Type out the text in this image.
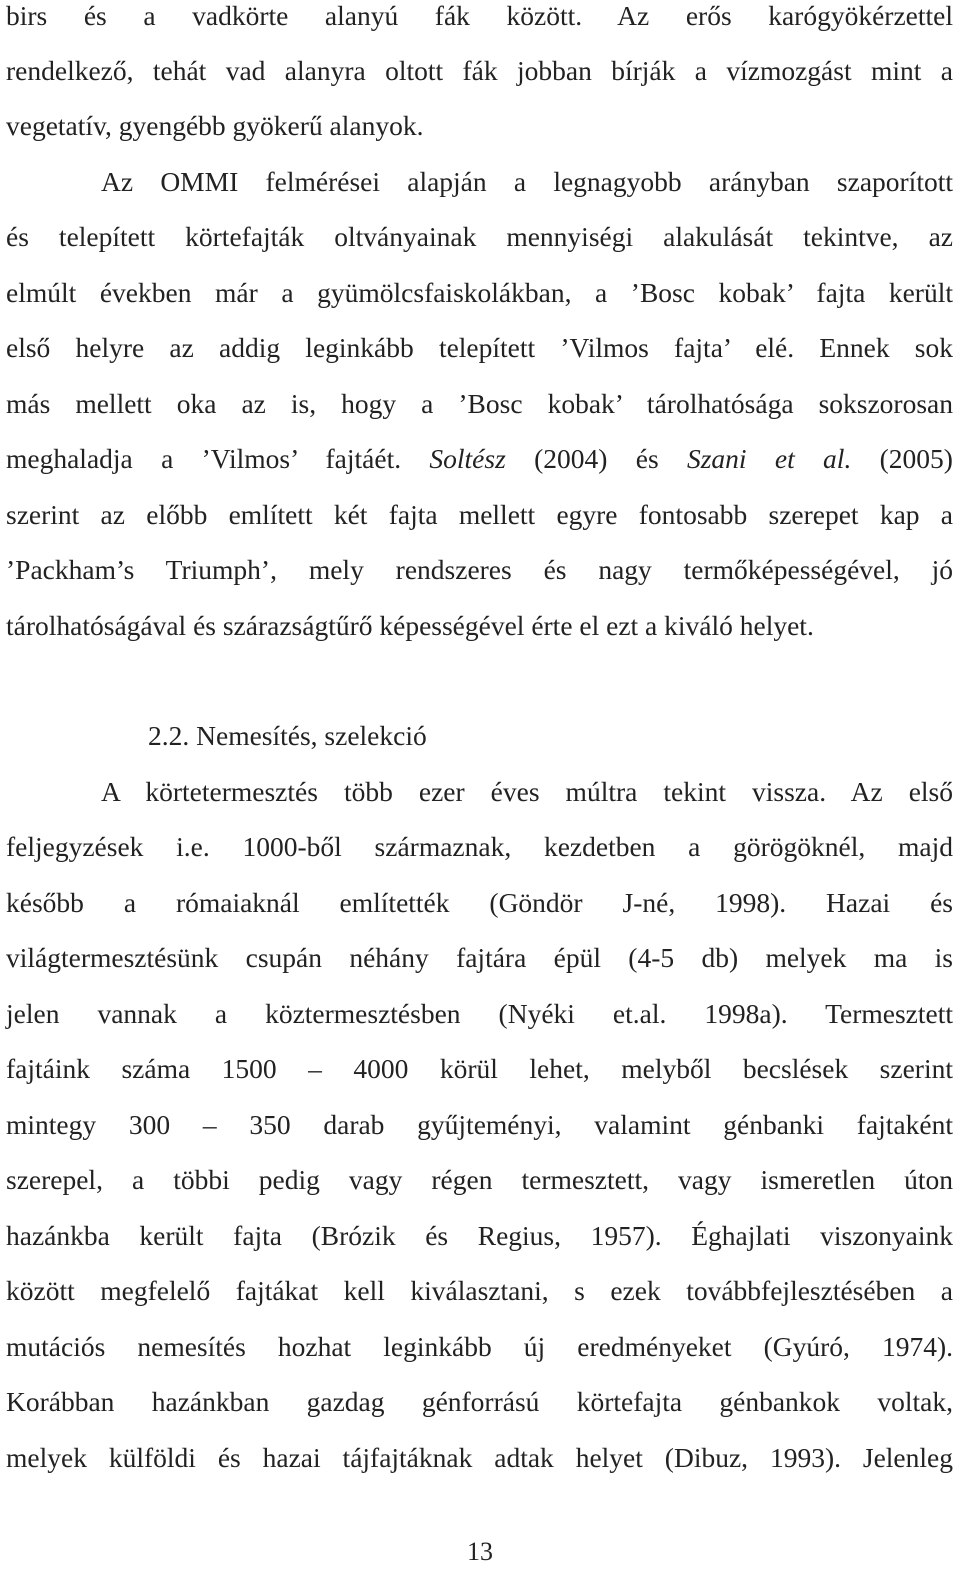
birs és a vadkörte alanyú fák között. Az erős karógyökérzettel
rendelkező, tehát vad alanyra oltott fák jobban bírják a vízmozgást mint a
vegetatív, gyengébb gyökerű alanyok.
Az OMMI felmérései alapján a legnagyobb arányban szaporított
és telepített körtefajták oltványainak mennyiségi alakulását tekintve, az
elmúlt években már a gyümölcsfaiskolákban, a ’Bosc kobak’ fajta került
első helyre az addig leginkább telepített ’Vilmos fajta’ elé. Ennek sok
más mellett oka az is, hogy a ’Bosc kobak’ tárolhatósága sokszorosan
meghaladja a ’Vilmos’ fajtáét. Soltész (2004) és Szani et al. (2005)
szerint az előbb említett két fajta mellett egyre fontosabb szerepet kap a
’Packham’s Triumph’, mely rendszeres és nagy termőképességével, jó
tárolhatóságával és szárazságtűrő képességével érte el ezt a kiváló helyet.
2.2. Nemesítés, szelekció
A körtetermesztés több ezer éves múltra tekint vissza. Az első
feljegyzések i.e. 1000-ből származnak, kezdetben a görögöknél, majd
később a rómaiaknál említették (Göndör J-né, 1998). Hazai és
világtermesztésünk csupán néhány fajtára épül (4-5 db) melyek ma is
jelen vannak a köztermesztésben (Nyéki et.al. 1998a). Termesztett
fajtáink száma 1500 – 4000 körül lehet, melyből becslések szerint
mintegy 300 – 350 darab gyűjteményi, valamint génbanki fajtaként
szerepel, a többi pedig vagy régen termesztett, vagy ismeretlen úton
hazánkba került fajta (Brózik és Regius, 1957). Éghajlati viszonyaink
között megfelelő fajtákat kell kiválasztani, s ezek továbbfejlesztésében a
mutációs nemesítés hozhat leginkább új eredményeket (Gyúró, 1974).
Korábban hazánkban gazdag génforrású körtefajta génbankok voltak,
melyek külföldi és hazai tájfajtáknak adtak helyet (Dibuz, 1993). Jelenleg
13
